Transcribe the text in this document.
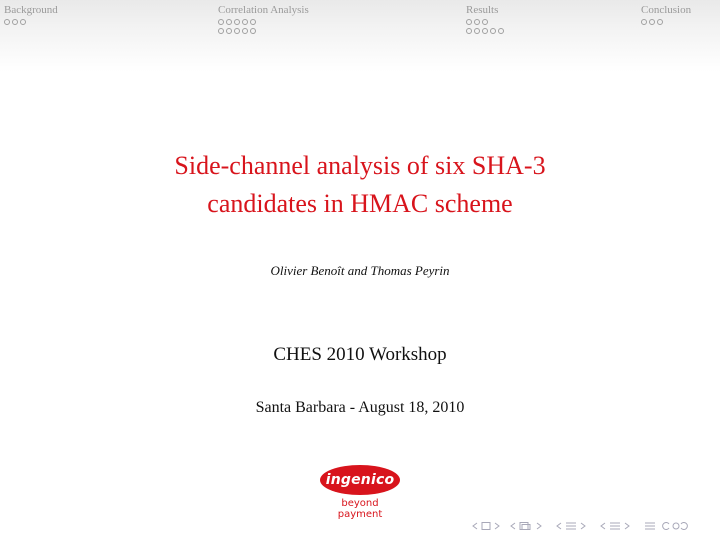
Background	Correlation Analysis	Results	Conclusion
Side-channel analysis of six SHA-3
candidates in HMAC scheme
Olivier Benoît and Thomas Peyrin
CHES 2010 Workshop
Santa Barbara - August 18, 2010
ingenico
beyond
payment
